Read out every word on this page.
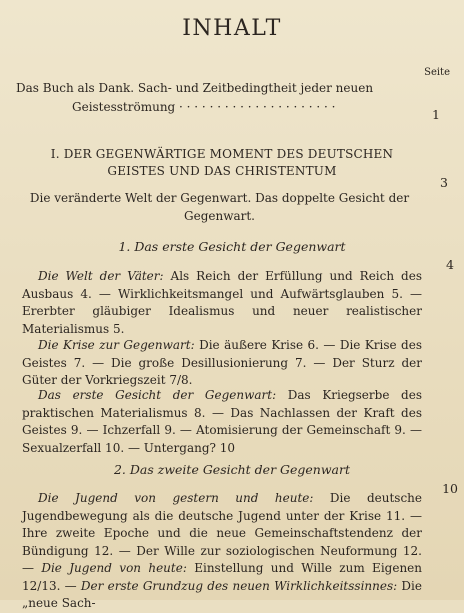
INHALT
Seite
Das Buch als Dank. Sach- und Zeitbedingtheit jeder neuen
Geistesströmung · · · · · · · · · · · · · · · · · · · · ·	1
I. DER GEGENWÄRTIGE MOMENT DES DEUTSCHEN GEISTES UND DAS CHRISTENTUM
3
Die veränderte Welt der Gegenwart. Das doppelte Gesicht der Gegenwart.
1. Das erste Gesicht der Gegenwart
4
Die Welt der Väter: Als Reich der Erfüllung und Reich des Ausbaus 4. — Wirklichkeitsmangel und Aufwärtsglauben 5. — Ererbter gläubiger Idealismus und neuer realistischer Materialismus 5.
Die Krise zur Gegenwart: Die äußere Krise 6. — Die Krise des Geistes 7. — Die große Desillusionierung 7. — Der Sturz der Güter der Vorkriegszeit 7/8.
Das erste Gesicht der Gegenwart: Das Kriegserbe des praktischen Materialismus 8. — Das Nachlassen der Kraft des Geistes 9. — Ichzerfall 9. — Atomisierung der Gemeinschaft 9. — Sexualzerfall 10. — Untergang? 10
2. Das zweite Gesicht der Gegenwart
10
Die Jugend von gestern und heute: Die deutsche Jugendbewegung als die deutsche Jugend unter der Krise 11. — Ihre zweite Epoche und die neue Gemeinschaftstendenz der Bündigung 12. — Der Wille zur soziologischen Neuformung 12. — Die Jugend von heute: Einstellung und Wille zum Eigenen 12/13. — Der erste Grundzug des neuen Wirklichkeitssinnes: Die „neue Sach-
